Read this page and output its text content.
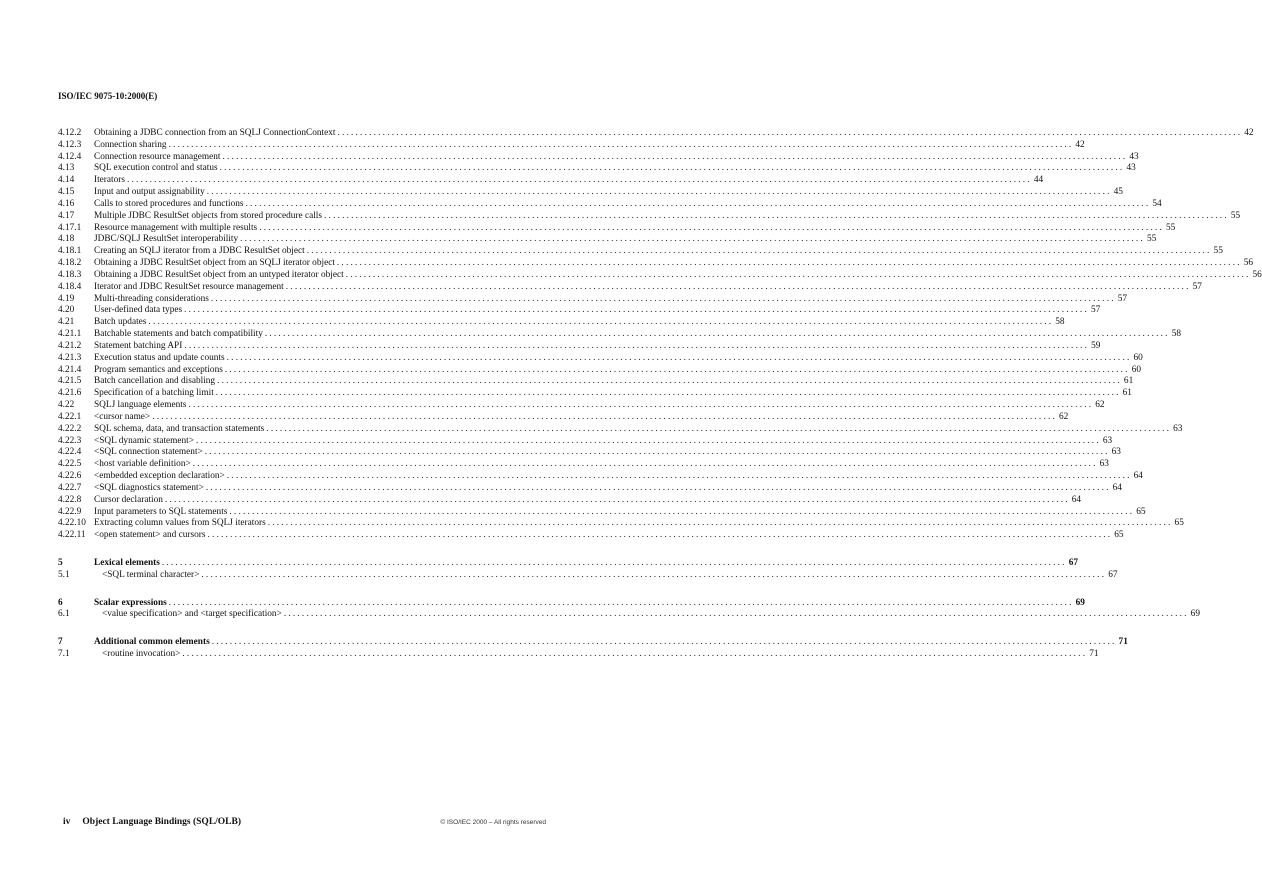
ISO/IEC 9075-10:2000(E)
4.12.2	Obtaining a JDBC connection from an SQLJ ConnectionContext ........................................................................................................................................................................................................ 42
4.12.3	Connection sharing ........................................................................................................................................................................................................ 42
4.12.4	Connection resource management ........................................................................................................................................................................................................ 43
4.13	SQL execution control and status ........................................................................................................................................................................................................ 43
4.14	Iterators ........................................................................................................................................................................................................ 44
4.15	Input and output assignability ........................................................................................................................................................................................................ 45
4.16	Calls to stored procedures and functions ........................................................................................................................................................................................................ 54
4.17	Multiple JDBC ResultSet objects from stored procedure calls ........................................................................................................................................................................................................ 55
4.17.1	Resource management with multiple results ........................................................................................................................................................................................................ 55
4.18	JDBC/SQLJ ResultSet interoperability ........................................................................................................................................................................................................ 55
4.18.1	Creating an SQLJ iterator from a JDBC ResultSet object ........................................................................................................................................................................................................ 55
4.18.2	Obtaining a JDBC ResultSet object from an SQLJ iterator object ........................................................................................................................................................................................................ 56
4.18.3	Obtaining a JDBC ResultSet object from an untyped iterator object ........................................................................................................................................................................................................ 56
4.18.4	Iterator and JDBC ResultSet resource management ........................................................................................................................................................................................................ 57
4.19	Multi-threading considerations ........................................................................................................................................................................................................ 57
4.20	User-defined data types ........................................................................................................................................................................................................ 57
4.21	Batch updates ........................................................................................................................................................................................................ 58
4.21.1	Batchable statements and batch compatibility ........................................................................................................................................................................................................ 58
4.21.2	Statement batching API ........................................................................................................................................................................................................ 59
4.21.3	Execution status and update counts ........................................................................................................................................................................................................ 60
4.21.4	Program semantics and exceptions ........................................................................................................................................................................................................ 60
4.21.5	Batch cancellation and disabling ........................................................................................................................................................................................................ 61
4.21.6	Specification of a batching limit ........................................................................................................................................................................................................ 61
4.22	SQLJ language elements ........................................................................................................................................................................................................ 62
4.22.1	<cursor name> ........................................................................................................................................................................................................ 62
4.22.2	SQL schema, data, and transaction statements ........................................................................................................................................................................................................ 63
4.22.3	<SQL dynamic statement> ........................................................................................................................................................................................................ 63
4.22.4	<SQL connection statement> ........................................................................................................................................................................................................ 63
4.22.5	<host variable definition> ........................................................................................................................................................................................................ 63
4.22.6	<embedded exception declaration> ........................................................................................................................................................................................................ 64
4.22.7	<SQL diagnostics statement> ........................................................................................................................................................................................................ 64
4.22.8	Cursor declaration ........................................................................................................................................................................................................ 64
4.22.9	Input parameters to SQL statements ........................................................................................................................................................................................................ 65
4.22.10 Extracting column values from SQLJ iterators ........................................................................................................................................................................................................ 65
4.22.11 <open statement> and cursors ........................................................................................................................................................................................................ 65
5	Lexical elements ........................................................................................................................................................................................................ 67
5.1	<SQL terminal character> ........................................................................................................................................................................................................ 67
6	Scalar expressions ........................................................................................................................................................................................................ 69
6.1	<value specification> and <target specification> ........................................................................................................................................................................................................ 69
7	Additional common elements ........................................................................................................................................................................................................ 71
7.1	<routine invocation> ........................................................................................................................................................................................................ 71
iv Object Language Bindings (SQL/OLB)	© ISO/IEC 2000 – All rights reserved
